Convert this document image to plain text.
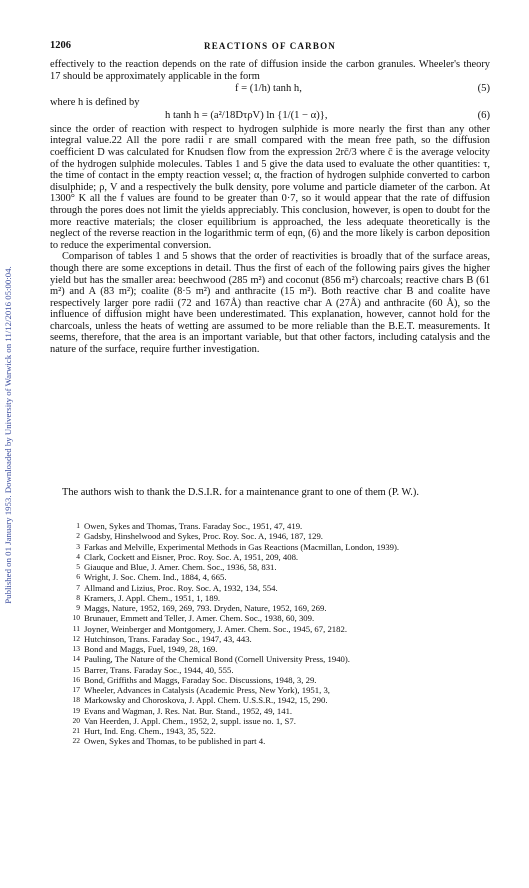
1206	REACTIONS OF CARBON
Published on 01 January 1953. Downloaded by University of Warwick on 11/12/2016 05:00:04.

effectively to the reaction depends on the rate of diffusion inside the carbon granules. Wheeler's theory 17 should be approximately applicable in the form

f = (1/h) tanh h,	(5)

where h is defined by

h tanh h = (a²/18DτρV) ln {1/(1 − α)},	(6)

since the order of reaction with respect to hydrogen sulphide is more nearly the first than any other integral value.22 All the pore radii r are small compared with the mean free path, so the diffusion coefficient D was calculated for Knudsen flow from the expression 2rc̄/3 where c̄ is the average velocity of the hydrogen sulphide molecules. Tables 1 and 5 give the data used to evaluate the other quantities: τ, the time of contact in the empty reaction vessel; α, the fraction of hydrogen sulphide converted to carbon disulphide; ρ, V and a respectively the bulk density, pore volume and particle diameter of the carbon. At 1300° K all the f values are found to be greater than 0·7, so it would appear that the rate of diffusion through the pores does not limit the yields appreciably. This conclusion, however, is open to doubt for the more reactive materials; the closer equilibrium is approached, the less adequate theoretically is the neglect of the reverse reaction in the logarithmic term of eqn, (6) and the more likely is carbon deposition to reduce the experimental conversion.

Comparison of tables 1 and 5 shows that the order of reactivities is broadly that of the surface areas, though there are some exceptions in detail. Thus the first of each of the following pairs gives the higher yield but has the smaller area: beechwood (285 m²) and coconut (856 m²) charcoals; reactive chars B (61 m²) and A (83 m²); coalite (8·5 m²) and anthracite (15 m²). Both reactive char B and coalite have respectively larger pore radii (72 and 167Å) than reactive char A (27Å) and anthracite (60 Å), so the influence of diffusion might have been underestimated. This explanation, however, cannot hold for the charcoals, unless the heats of wetting are assumed to be more reliable than the B.E.T. measurements. It seems, therefore, that the area is an important variable, but that other factors, including catalysis and the nature of the surface, require further investigation.

The authors wish to thank the D.S.I.R. for a maintenance grant to one of them (P. W.).

1 Owen, Sykes and Thomas, Trans. Faraday Soc., 1951, 47, 419.
2 Gadsby, Hinshelwood and Sykes, Proc. Roy. Soc. A, 1946, 187, 129.
3 Farkas and Melville, Experimental Methods in Gas Reactions (Macmillan, London, 1939).
4 Clark, Cockett and Eisner, Proc. Roy. Soc. A, 1951, 209, 408.
5 Giauque and Blue, J. Amer. Chem. Soc., 1936, 58, 831.
6 Wright, J. Soc. Chem. Ind., 1884, 4, 665.
7 Allmand and Lizius, Proc. Roy. Soc. A, 1932, 134, 554.
8 Kramers, J. Appl. Chem., 1951, 1, 189.
9 Maggs, Nature, 1952, 169, 269, 793. Dryden, Nature, 1952, 169, 269.
10 Brunauer, Emmett and Teller, J. Amer. Chem. Soc., 1938, 60, 309.
11 Joyner, Weinberger and Montgomery, J. Amer. Chem. Soc., 1945, 67, 2182.
12 Hutchinson, Trans. Faraday Soc., 1947, 43, 443.
13 Bond and Maggs, Fuel, 1949, 28, 169.
14 Pauling, The Nature of the Chemical Bond (Cornell University Press, 1940).
15 Barrer, Trans. Faraday Soc., 1944, 40, 555.
16 Bond, Griffiths and Maggs, Faraday Soc. Discussions, 1948, 3, 29.
17 Wheeler, Advances in Catalysis (Academic Press, New York), 1951, 3,
18 Markowsky and Choroskova, J. Appl. Chem. U.S.S.R., 1942, 15, 290.
19 Evans and Wagman, J. Res. Nat. Bur. Stand., 1952, 49, 141.
20 Van Heerden, J. Appl. Chem., 1952, 2, suppl. issue no. 1, S7.
21 Hurt, Ind. Eng. Chem., 1943, 35, 522.
22 Owen, Sykes and Thomas, to be published in part 4.
